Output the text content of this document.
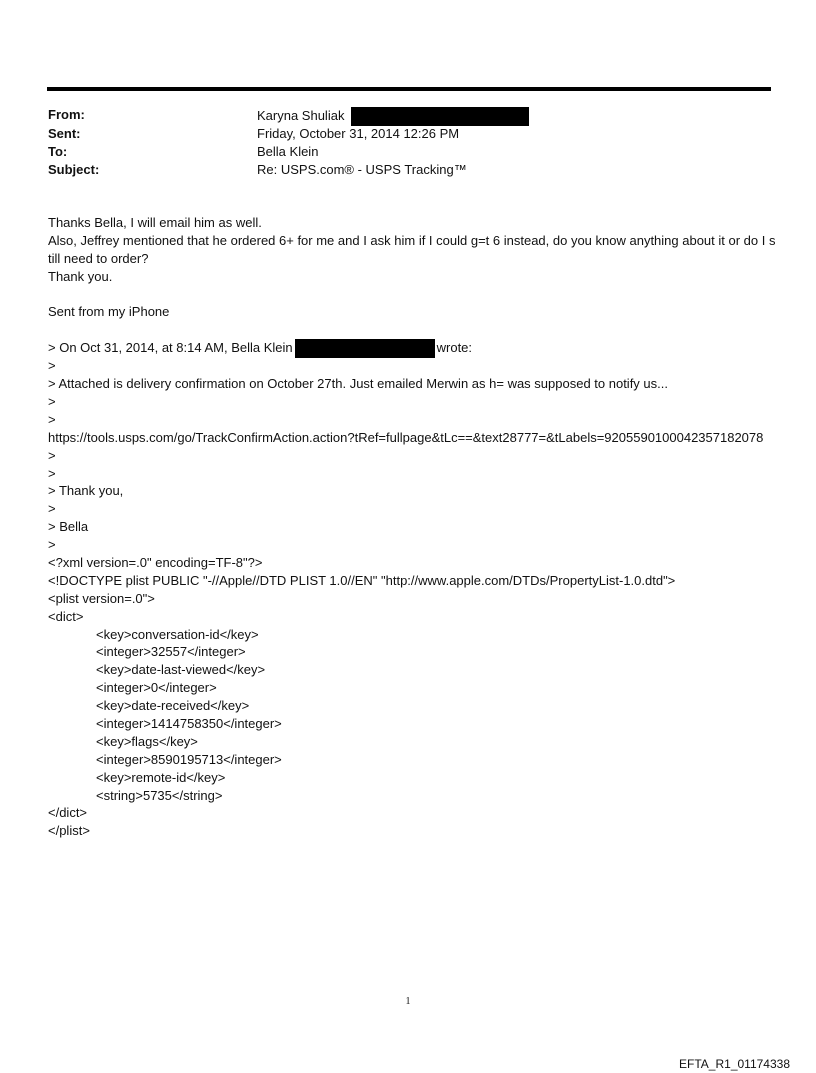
From:	Karyna Shuliak
Sent:	Friday, October 31, 2014 12:26 PM
To:	Bella Klein
Subject:	Re: USPS.com® - USPS Tracking™
Thanks Bella, I will email him as well.
Also, Jeffrey mentioned that he ordered 6+ for me and I ask him if I could g=t 6 instead, do you know anything about it or do I still need to order?
Thank you.
Sent from my iPhone
> On Oct 31, 2014, at 8:14 AM, Bella Klein	wrote:
>
> Attached is delivery confirmation on October 27th. Just emailed Merwin as h= was supposed to notify us...
>
>
https://tools.usps.com/go/TrackConfirmAction.action?tRef=fullpage&tLc==&text28777=&tLabels=9205590100042357182078
>
>
> Thank you,
>
> Bella
>
<?xml version=.0" encoding=TF-8"?>
<!DOCTYPE plist PUBLIC "-//Apple//DTD PLIST 1.0//EN" "http://www.apple.com/DTDs/PropertyList-1.0.dtd">
<plist version=.0">
<dict>
<key>conversation-id</key>
<integer>32557</integer>
<key>date-last-viewed</key>
<integer>0</integer>
<key>date-received</key>
<integer>1414758350</integer>
<key>flags</key>
<integer>8590195713</integer>
<key>remote-id</key>
<string>5735</string>
</dict>
</plist>
1
EFTA_R1_01174338
